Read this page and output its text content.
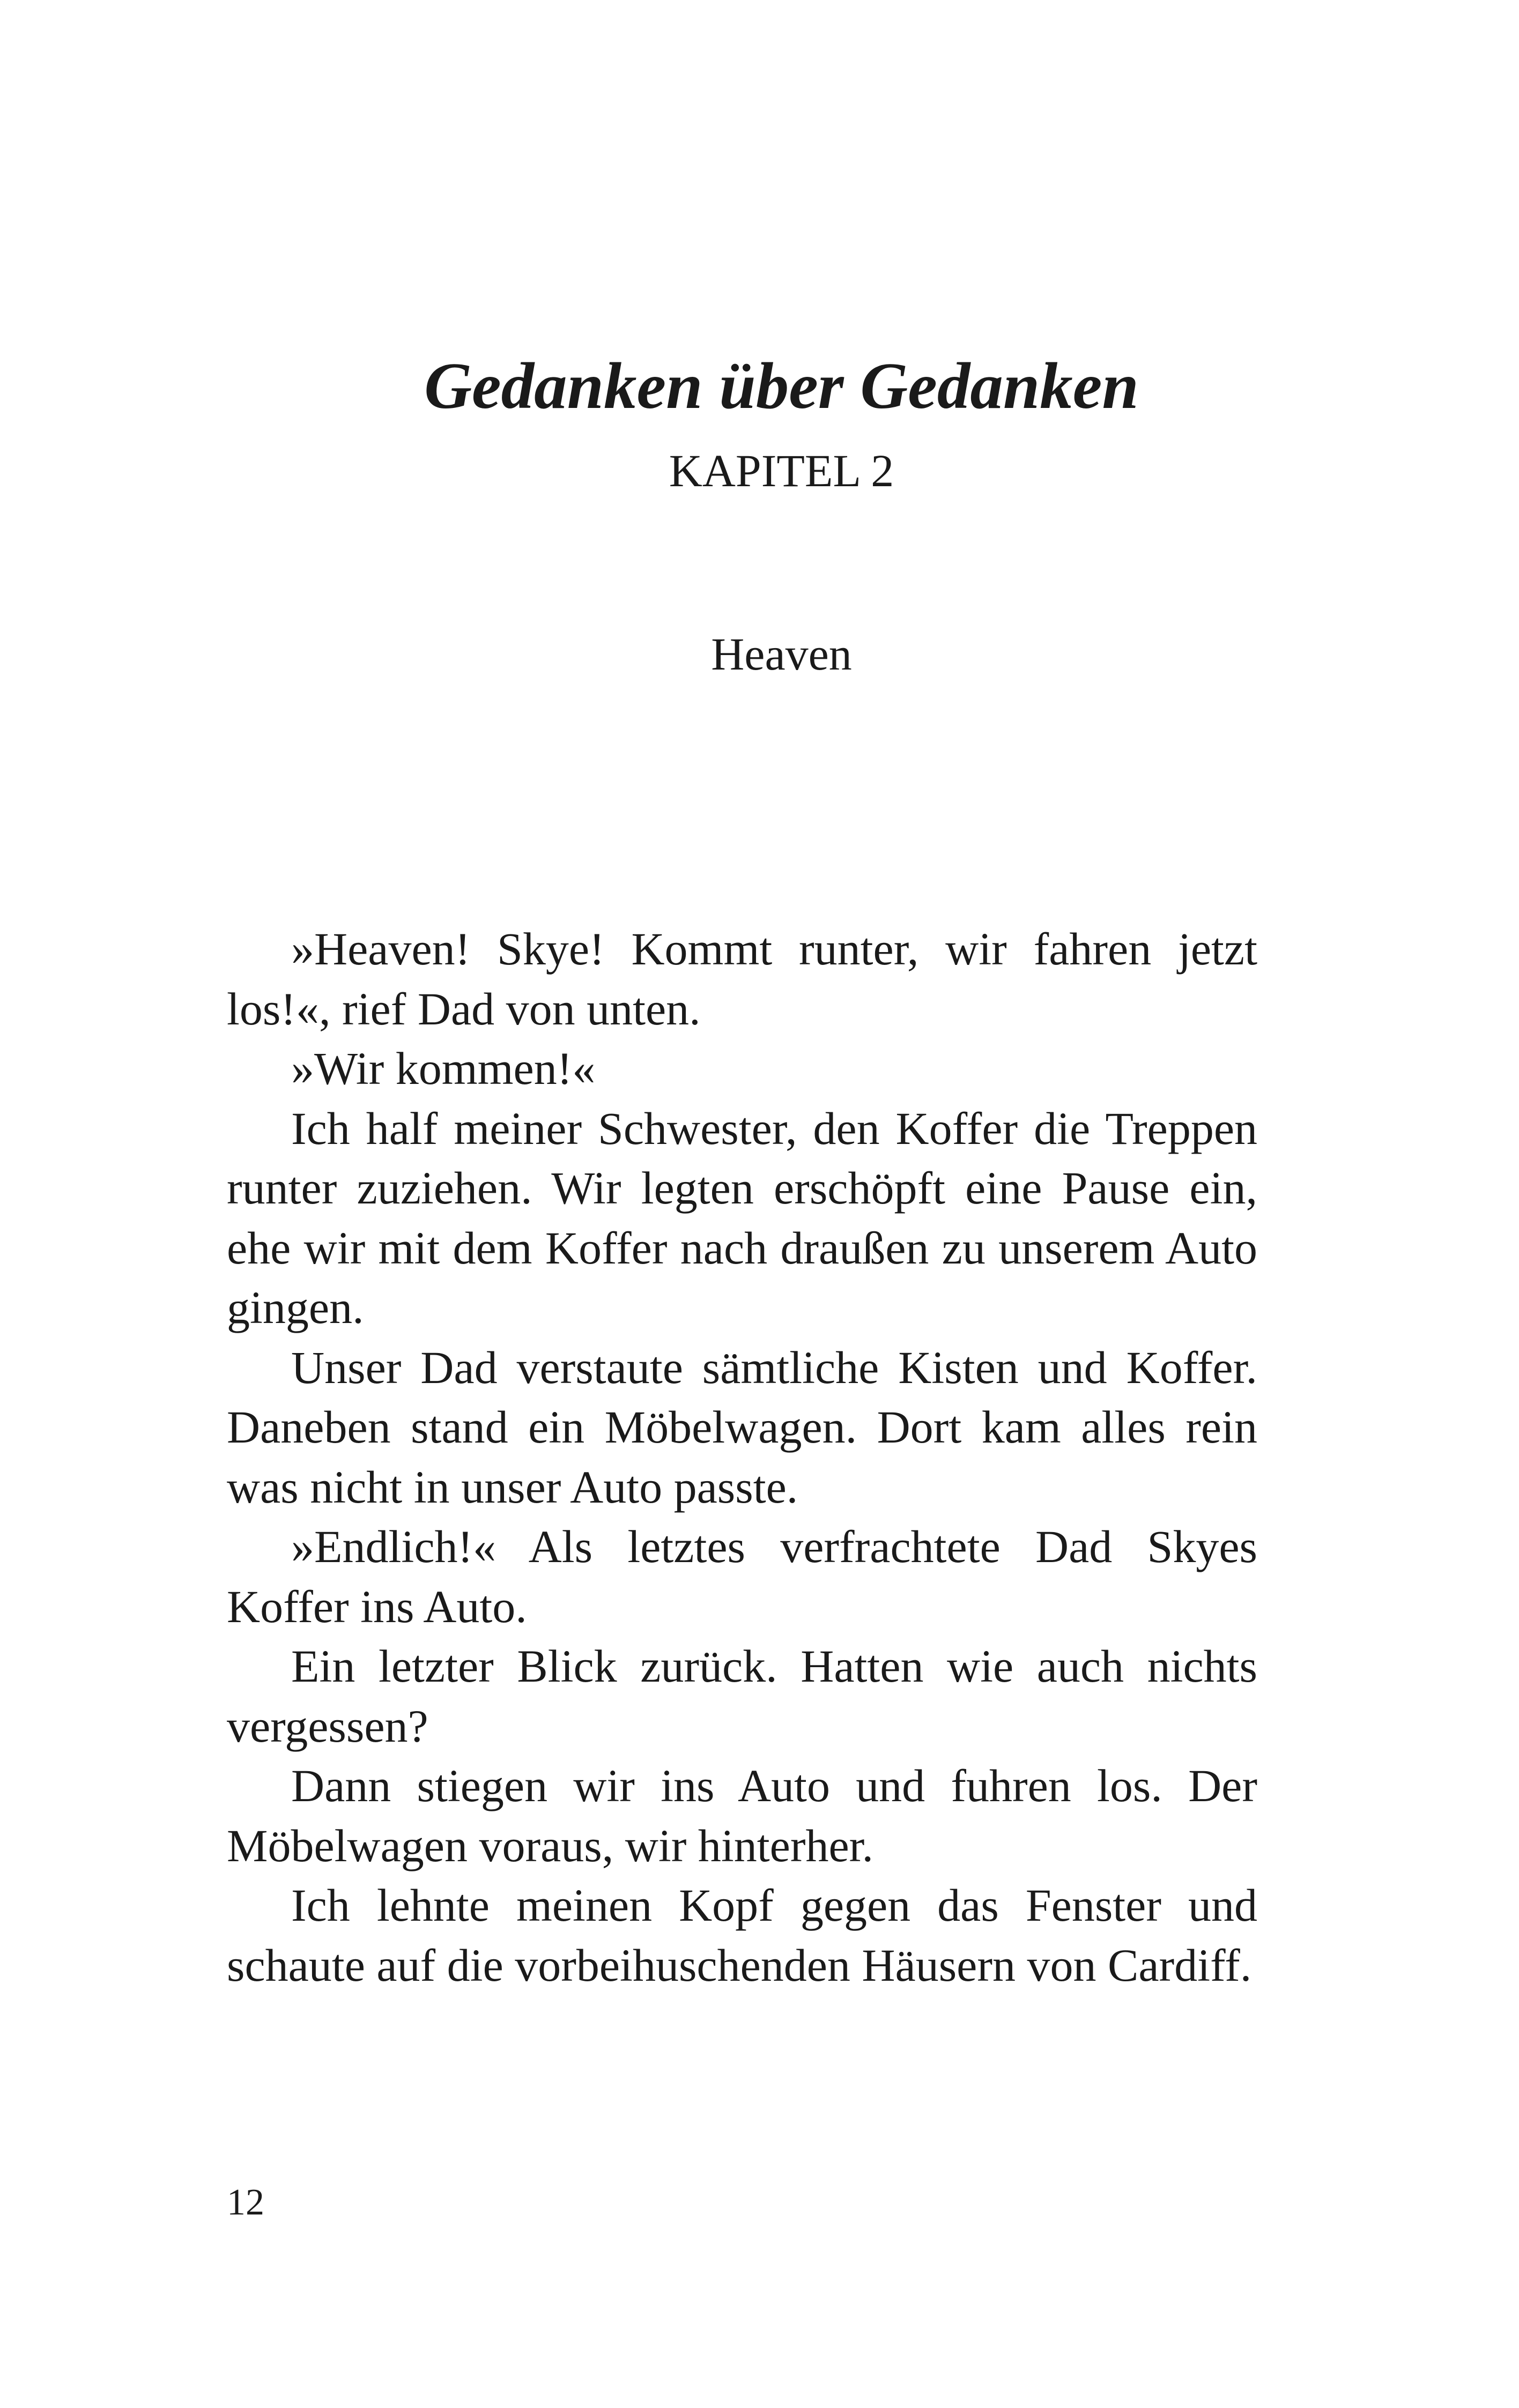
Gedanken über Gedanken
KAPITEL 2
Heaven

»Heaven! Skye! Kommt runter, wir fahren jetzt los!«, rief Dad von unten.

»Wir kommen!«

Ich half meiner Schwester, den Koffer die Treppen runter zuziehen. Wir legten erschöpft eine Pause ein, ehe wir mit dem Koffer nach draußen zu unserem Auto gingen.

Unser Dad verstaute sämtliche Kisten und Koffer. Daneben stand ein Möbelwagen. Dort kam alles rein was nicht in unser Auto passte.

»Endlich!« Als letztes verfrachtete Dad Skyes Koffer ins Auto.

Ein letzter Blick zurück. Hatten wie auch nichts vergessen?

Dann stiegen wir ins Auto und fuhren los. Der Möbelwagen voraus, wir hinterher.

Ich lehnte meinen Kopf gegen das Fenster und schaute auf die vorbeihuschenden Häusern von Cardiff.

12
